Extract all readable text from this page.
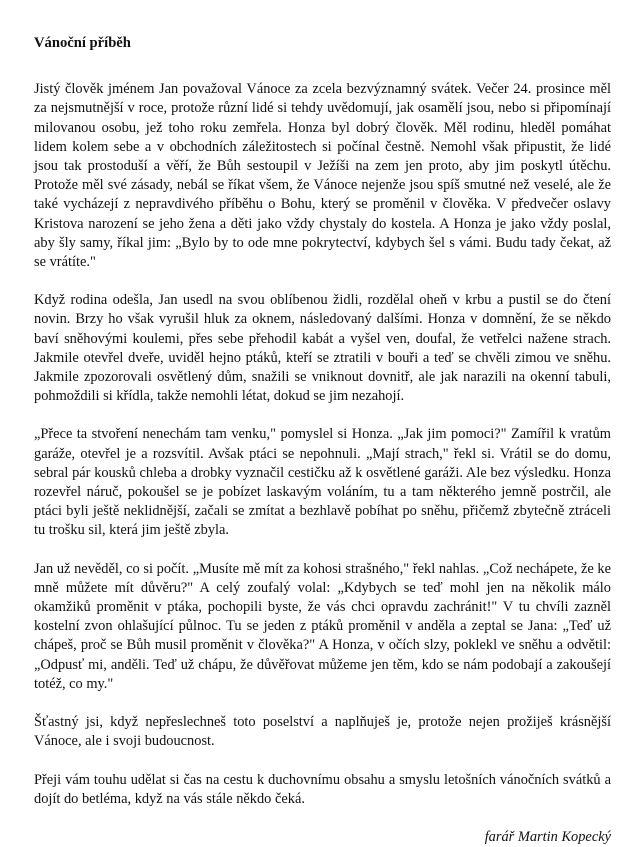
Vánoční příběh

Jistý člověk jménem Jan považoval Vánoce za zcela bezvýznamný svátek. Večer 24. prosince měl za nejsmutnější v roce, protože různí lidé si tehdy uvědomují, jak osamělí jsou, nebo si připomínají milovanou osobu, jež toho roku zemřela. Honza byl dobrý člověk. Měl rodinu, hleděl pomáhat lidem kolem sebe a v obchodních záležitostech si počínal čestně. Nemohl však připustit, že lidé jsou tak prostoduší a věří, že Bůh sestoupil v Ježíši na zem jen proto, aby jim poskytl útěchu. Protože měl své zásady, nebál se říkat všem, že Vánoce nejenže jsou spíš smutné než veselé, ale že také vycházejí z nepravdivého příběhu o Bohu, který se proměnil v člověka. V předvečer oslavy Kristova narození se jeho žena a děti jako vždy chystaly do kostela. A Honza je jako vždy poslal, aby šly samy, říkal jim: „Bylo by to ode mne pokrytectví, kdybych šel s vámi. Budu tady čekat, až se vrátíte."

Když rodina odešla, Jan usedl na svou oblíbenou židli, rozdělal oheň v krbu a pustil se do čtení novin. Brzy ho však vyrušil hluk za oknem, následovaný dalšími. Honza v domnění, že se někdo baví sněhovými koulemi, přes sebe přehodil kabát a vyšel ven, doufal, že vetřelci nažene strach. Jakmile otevřel dveře, uviděl hejno ptáků, kteří se ztratili v bouři a teď se chvěli zimou ve sněhu. Jakmile zpozorovali osvětlený dům, snažili se vniknout dovnitř, ale jak narazili na okenní tabuli, pohmoždili si křídla, takže nemohli létat, dokud se jim nezahojí.

„Přece ta stvoření nenechám tam venku," pomyslel si Honza. „Jak jim pomoci?" Zamířil k vratům garáže, otevřel je a rozsvítil. Avšak ptáci se nepohnuli. „Mají strach," řekl si. Vrátil se do domu, sebral pár kousků chleba a drobky vyznačil cestičku až k osvětlené garáži. Ale bez výsledku. Honza rozevřel náruč, pokoušel se je pobízet laskavým voláním, tu a tam některého jemně postrčil, ale ptáci byli ještě neklidnější, začali se zmítat a bezhlavě pobíhat po sněhu, přičemž zbytečně ztráceli tu trošku sil, která jim ještě zbyla.

Jan už nevěděl, co si počít. „Musíte mě mít za kohosi strašného," řekl nahlas. „Což nechápete, že ke mně můžete mít důvěru?" A celý zoufalý volal: „Kdybych se teď mohl jen na několik málo okamžiků proměnit v ptáka, pochopili byste, že vás chci opravdu zachránit!" V tu chvíli zazněl kostelní zvon ohlašující půlnoc. Tu se jeden z ptáků proměnil v anděla a zeptal se Jana: „Teď už chápeš, proč se Bůh musil proměnit v člověka?" A Honza, v očích slzy, poklekl ve sněhu a odvětil: „Odpusť mi, anděli. Teď už chápu, že důvěřovat můžeme jen těm, kdo se nám podobají a zakoušejí totéž, co my."

Šťastný jsi, když nepřeslechneš toto poselství a naplňuješ je, protože nejen prožiješ krásnější Vánoce, ale i svoji budoucnost.

Přeji vám touhu udělat si čas na cestu k duchovnímu obsahu a smyslu letošních vánočních svátků a dojít do betléma, když na vás stále někdo čeká.

farář Martin Kopecký
